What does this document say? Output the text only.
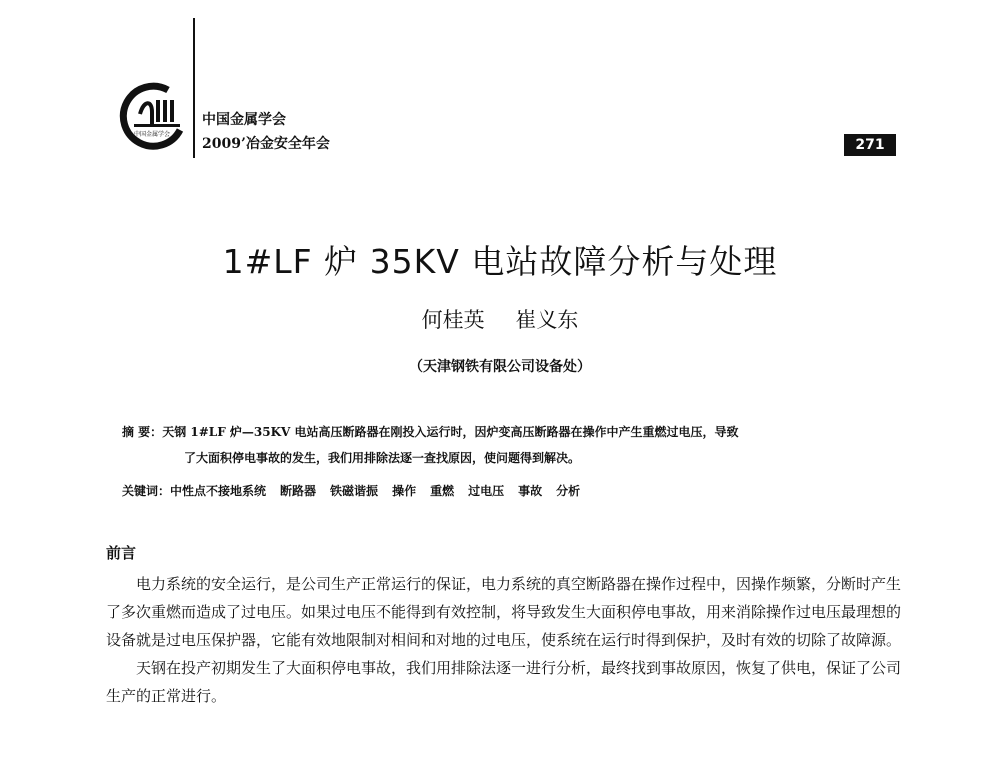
中国金属学会
中国金属学会
2009’冶金安全年会	271
1#LF 炉 35KV 电站故障分析与处理
何桂英 崔义东
（天津钢铁有限公司设备处）
摘 要：天钢 1#LF 炉—35KV 电站高压断路器在刚投入运行时，因炉变高压断路器在操作中产生重燃过电压，导致
了大面积停电事故的发生，我们用排除法逐一查找原因，使问题得到解决。
关键词：中性点不接地系统 断路器 铁磁谐振 操作 重燃 过电压 事故 分析
前言

电力系统的安全运行，是公司生产正常运行的保证，电力系统的真空断路器在操作过程中，因操作频繁，分断时产生了多次重燃而造成了过电压。如果过电压不能得到有效控制，将导致发生大面积停电事故，用来消除操作过电压最理想的设备就是过电压保护器，它能有效地限制对相间和对地的过电压，使系统在运行时得到保护，及时有效的切除了故障源。

天钢在投产初期发生了大面积停电事故，我们用排除法逐一进行分析，最终找到事故原因，恢复了供电，保证了公司生产的正常进行。
